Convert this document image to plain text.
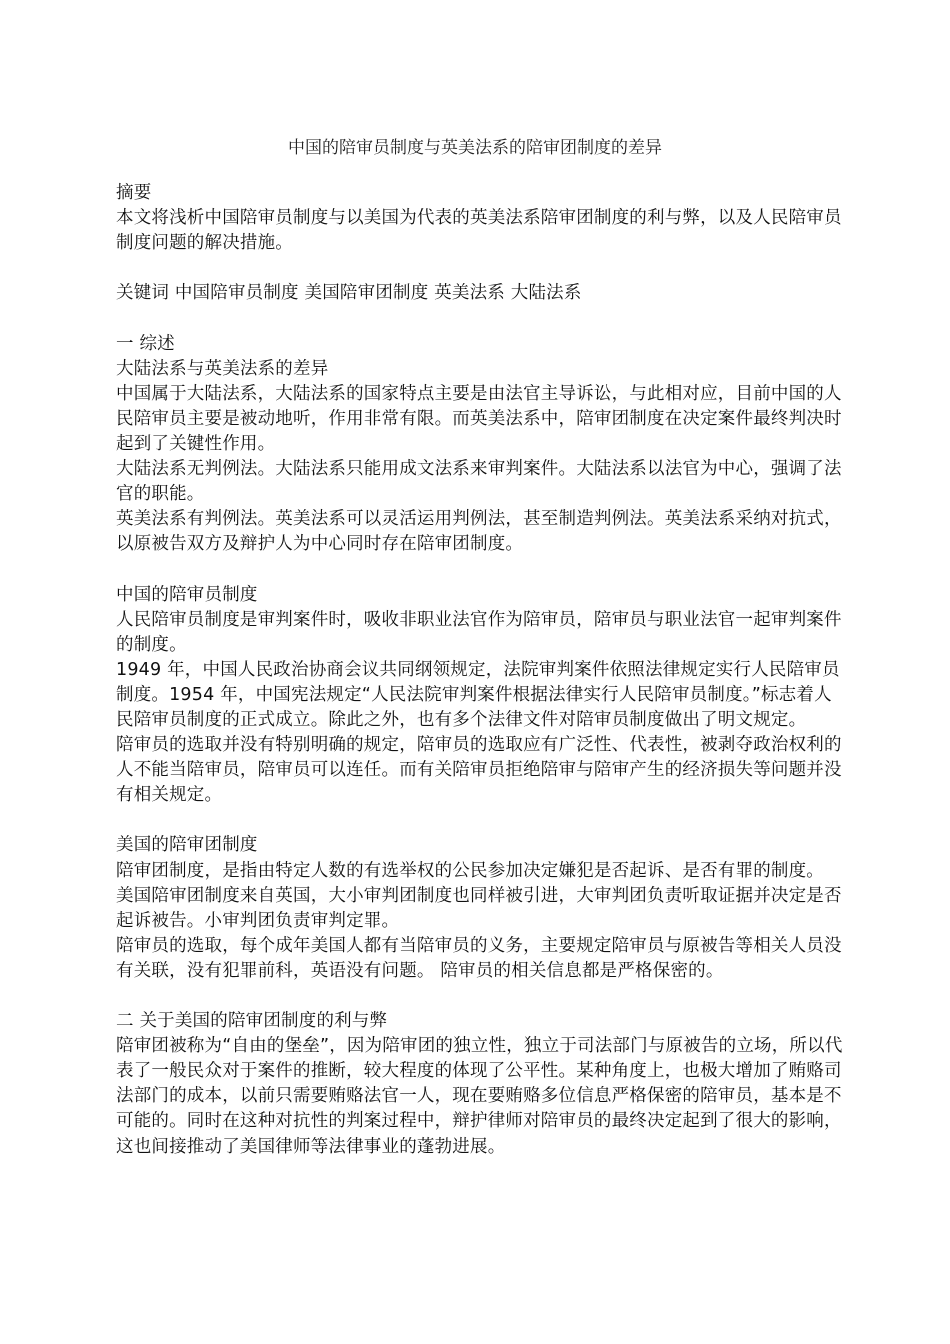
中国的陪审员制度与英美法系的陪审团制度的差异

摘要

本文将浅析中国陪审员制度与以美国为代表的英美法系陪审团制度的利与弊，以及人民陪审员制度问题的解决措施。

关键词 中国陪审员制度 美国陪审团制度 英美法系 大陆法系

一 综述

大陆法系与英美法系的差异

中国属于大陆法系，大陆法系的国家特点主要是由法官主导诉讼，与此相对应，目前中国的人民陪审员主要是被动地听，作用非常有限。而英美法系中，陪审团制度在决定案件最终判决时起到了关键性作用。

大陆法系无判例法。大陆法系只能用成文法系来审判案件。大陆法系以法官为中心，强调了法官的职能。

英美法系有判例法。英美法系可以灵活运用判例法，甚至制造判例法。英美法系采纳对抗式，以原被告双方及辩护人为中心同时存在陪审团制度。

中国的陪审员制度

人民陪审员制度是审判案件时，吸收非职业法官作为陪审员，陪审员与职业法官一起审判案件的制度。

1949 年，中国人民政治协商会议共同纲领规定，法院审判案件依照法律规定实行人民陪审员制度。1954 年，中国宪法规定“人民法院审判案件根据法律实行人民陪审员制度。”标志着人民陪审员制度的正式成立。除此之外，也有多个法律文件对陪审员制度做出了明文规定。

陪审员的选取并没有特别明确的规定，陪审员的选取应有广泛性、代表性，被剥夺政治权利的人不能当陪审员，陪审员可以连任。而有关陪审员拒绝陪审与陪审产生的经济损失等问题并没有相关规定。

美国的陪审团制度

陪审团制度，是指由特定人数的有选举权的公民参加决定嫌犯是否起诉、是否有罪的制度。

美国陪审团制度来自英国，大小审判团制度也同样被引进，大审判团负责听取证据并决定是否起诉被告。小审判团负责审判定罪。

陪审员的选取，每个成年美国人都有当陪审员的义务，主要规定陪审员与原被告等相关人员没有关联，没有犯罪前科，英语没有问题。 陪审员的相关信息都是严格保密的。

二 关于美国的陪审团制度的利与弊

陪审团被称为“自由的堡垒”，因为陪审团的独立性，独立于司法部门与原被告的立场，所以代表了一般民众对于案件的推断，较大程度的体现了公平性。某种角度上，也极大增加了贿赂司法部门的成本，以前只需要贿赂法官一人，现在要贿赂多位信息严格保密的陪审员，基本是不可能的。同时在这种对抗性的判案过程中，辩护律师对陪审员的最终决定起到了很大的影响，这也间接推动了美国律师等法律事业的蓬勃进展。
